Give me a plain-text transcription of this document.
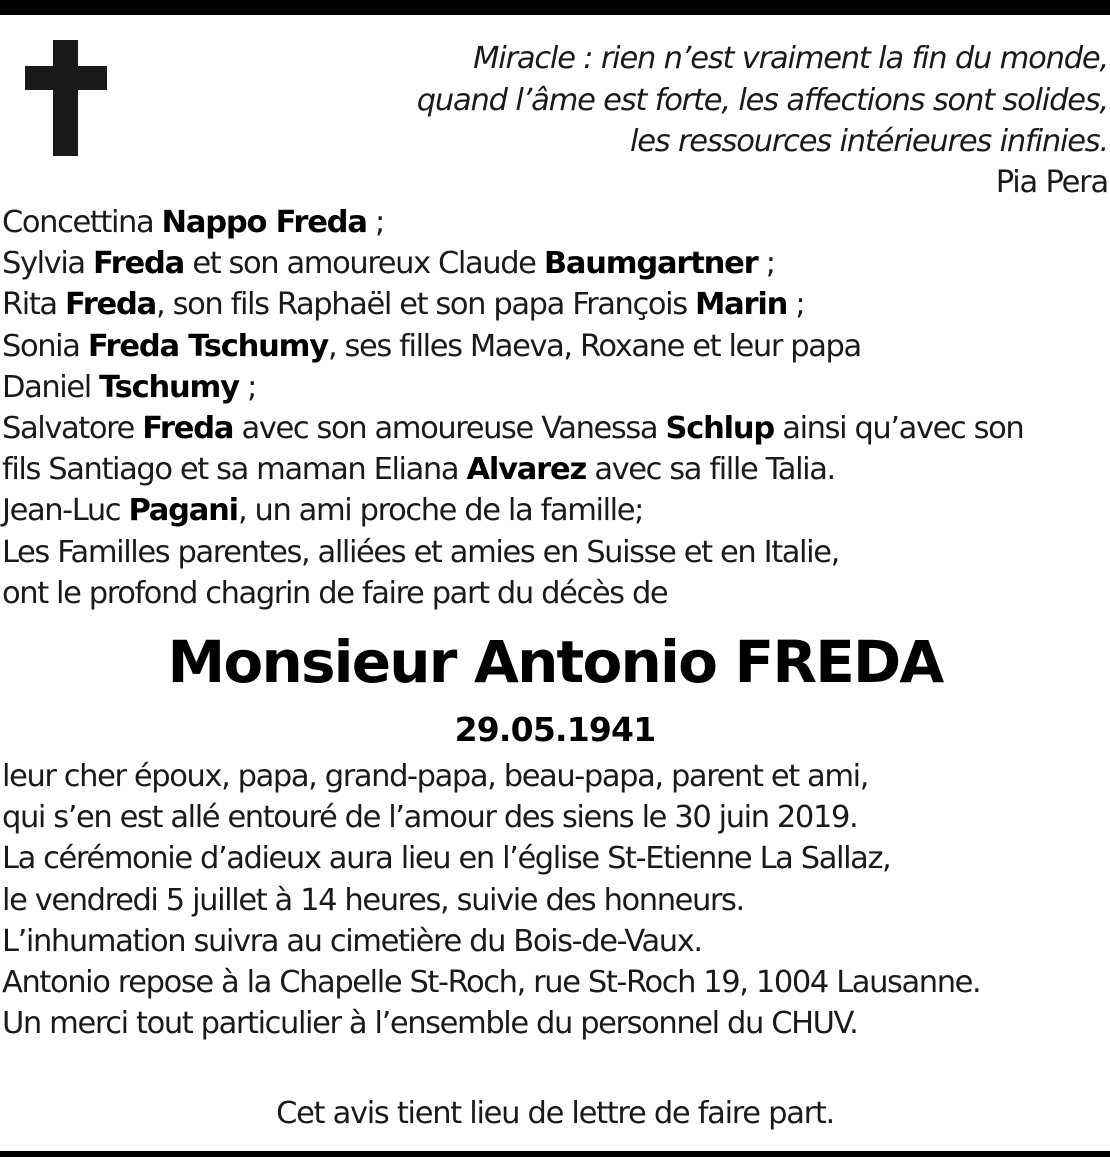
Miracle : rien n’est vraiment la fin du monde,
quand l’âme est forte, les affections sont solides,
les ressources intérieures infinies.
Pia Pera
Concettina Nappo Freda ;
Sylvia Freda et son amoureux Claude Baumgartner ;
Rita Freda, son fils Raphaël et son papa François Marin ;
Sonia Freda Tschumy, ses filles Maeva, Roxane et leur papa
Daniel Tschumy ;
Salvatore Freda avec son amoureuse Vanessa Schlup ainsi qu’avec son
fils Santiago et sa maman Eliana Alvarez avec sa fille Talia.
Jean-Luc Pagani, un ami proche de la famille;
Les Familles parentes, alliées et amies en Suisse et en Italie,
ont le profond chagrin de faire part du décès de
Monsieur Antonio FREDA
29.05.1941
leur cher époux, papa, grand-papa, beau-papa, parent et ami,
qui s’en est allé entouré de l’amour des siens le 30 juin 2019.
La cérémonie d’adieux aura lieu en l’église St-Etienne La Sallaz,
le vendredi 5 juillet à 14 heures, suivie des honneurs.
L’inhumation suivra au cimetière du Bois-de-Vaux.
Antonio repose à la Chapelle St-Roch, rue St-Roch 19, 1004 Lausanne.
Un merci tout particulier à l’ensemble du personnel du CHUV.
Cet avis tient lieu de lettre de faire part.
